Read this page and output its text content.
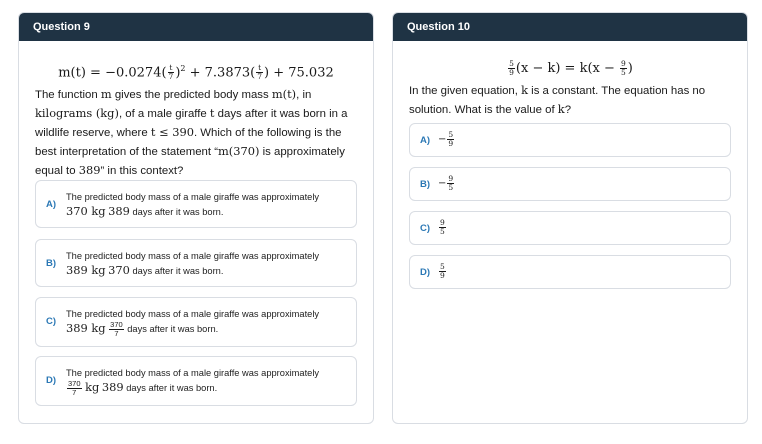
Question 9
$m(t) = -0.0274( \frac{t}{7} )^2 + 7.3873( \frac{t}{7}$ ) + 75.032
The function m gives the predicted body mass m(t), in kilograms (kg), of a male giraffe t days after it was born in a wildlife reserve, where t ≤ 390. Which of the following is the best interpretation of the statement “m(370) is approximately equal to 389” in this context?
A)
The predicted body mass of a male giraffe was approximately
370 kg 389 days after it was born.
B)
The predicted body mass of a male giraffe was approximately
389 kg 370 days after it was born.
C)
The predicted body mass of a male giraffe was approximately
389 kg $\frac{370}{7}$ days after it was born.
D)
The predicted body mass of a male giraffe was approximately
$\frac{370}{7}$ kg 389 days after it was born.
Question 10
$\frac{5}{9} (x - k) = k(x - \frac{9}{5}$ )
In the given equation, k is a constant. The equation has no solution. What is the value of k?
$A) - \frac{5}{9}$
$B) - \frac{9}{5}$
$C) \frac{9}{5}$
$D) \frac{5}{9}$
